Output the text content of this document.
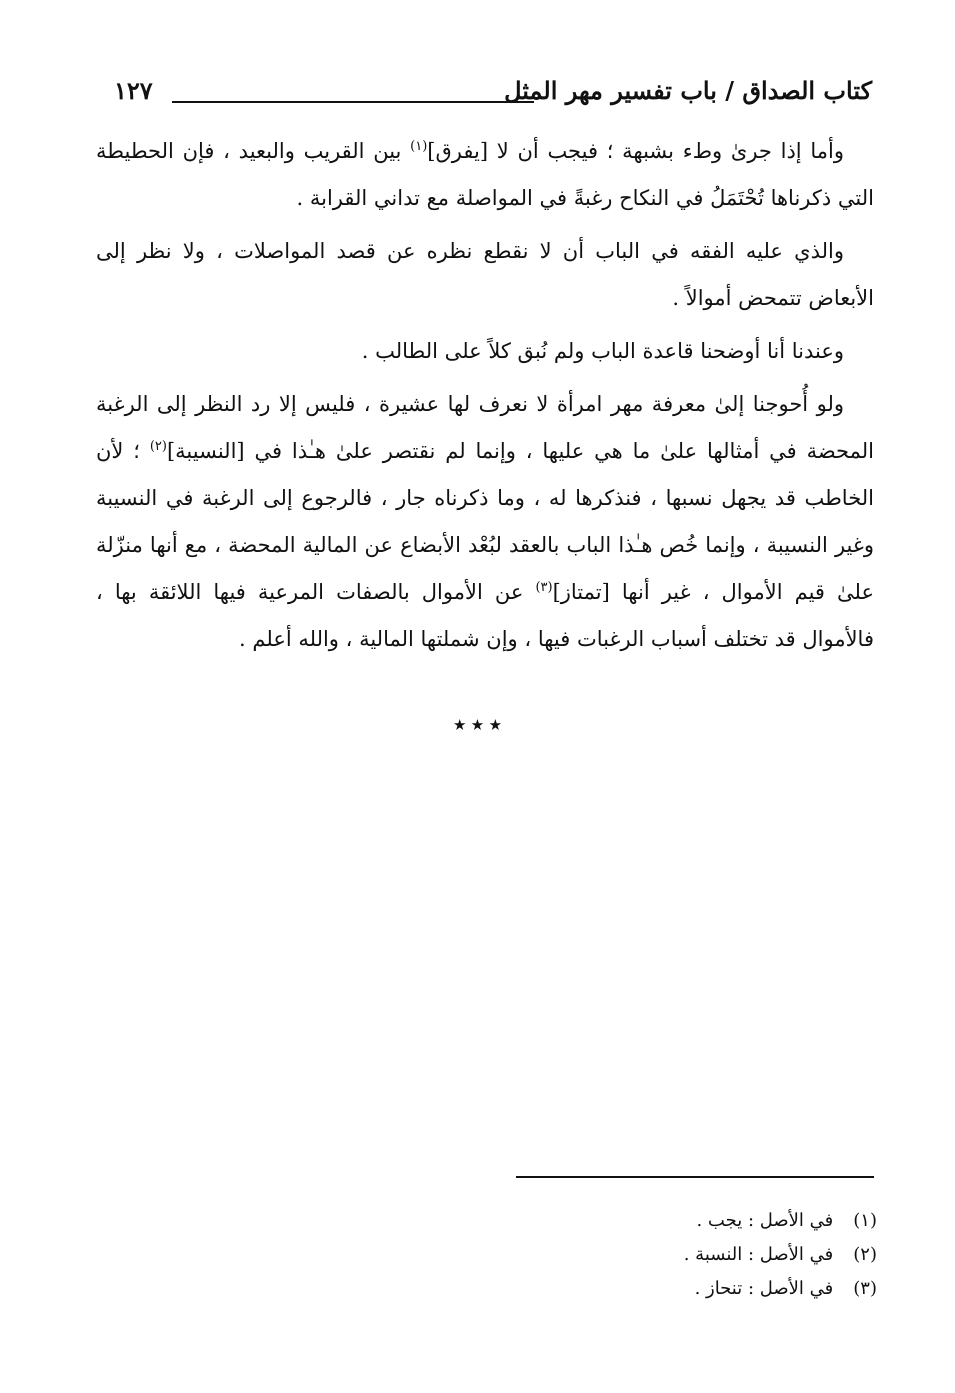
كتاب الصداق / باب تفسير مهر المثل
١٢٧

وأما إذا جرىٰ وطء بشبهة ؛ فيجب أن لا [يفرق]$^{(١)}$ بين القريب والبعيد ، فإن الحطيطة التي ذكرناها تُحْتَمَلُ في النكاح رغبةً في المواصلة مع تداني القرابة .

والذي عليه الفقه في الباب أن لا نقطع نظره عن قصد المواصلات ، ولا نظر إلى الأبعاض تتمحض أموالاً .

وعندنا أنا أوضحنا قاعدة الباب ولم نُبق كلاً على الطالب .

ولو أُحوجنا إلىٰ معرفة مهر امرأة لا نعرف لها عشيرة ، فليس إلا رد النظر إلى الرغبة المحضة في أمثالها علىٰ ما هي عليها ، وإنما لم نقتصر علىٰ هـٰذا في [النسيبة]$^{(٢)}$ ؛ لأن الخاطب قد يجهل نسبها ، فنذكرها له ، وما ذكرناه جار ، فالرجوع إلى الرغبة في النسيبة وغير النسيبة ، وإنما خُص هـٰذا الباب بالعقد لبُعْد الأبضاع عن المالية المحضة ، مع أنها منزّلة علىٰ قيم الأموال ، غير أنها [تمتاز]$^{(٣)}$ عن الأموال بالصفات المرعية فيها اللائقة بها ، فالأموال قد تختلف أسباب الرغبات فيها ، وإن شملتها المالية ، والله أعلم .

٭ ٭ ٭
(١) في الأصل : يجب .
(٢) في الأصل : النسبة .
(٣) في الأصل : تنحاز .
